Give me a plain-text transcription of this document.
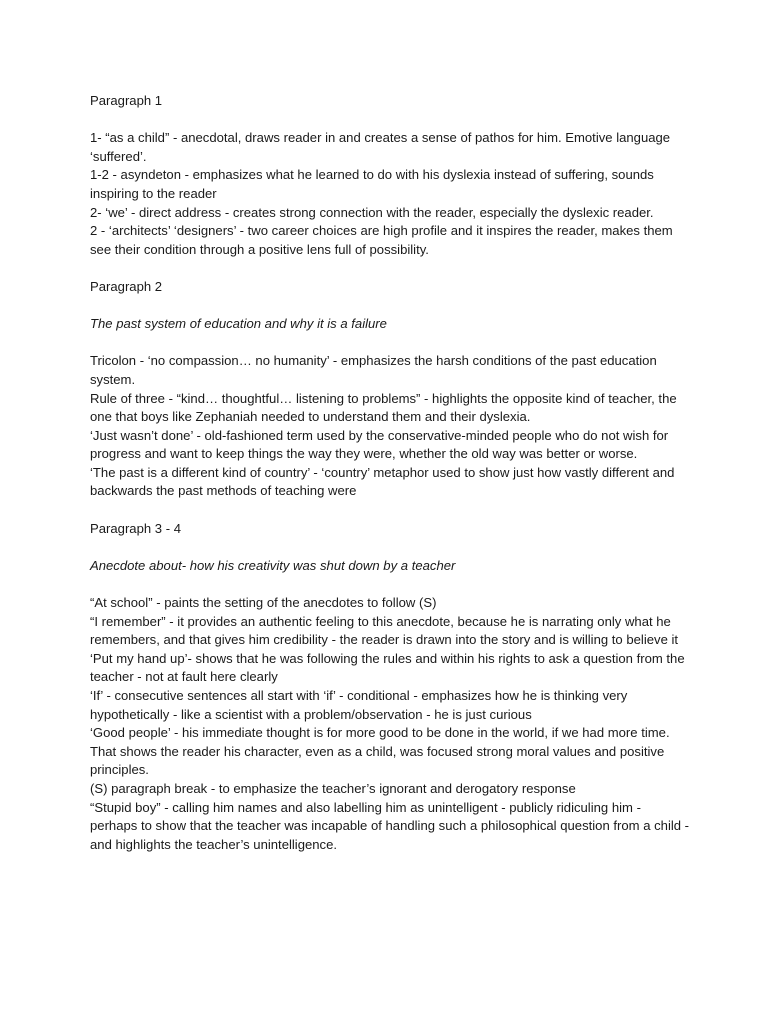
Paragraph 1

1- “as a child” - anecdotal, draws reader in and creates a sense of pathos for him. Emotive language ‘suffered’.

1-2 - asyndeton - emphasizes what he learned to do with his dyslexia instead of suffering, sounds inspiring to the reader

2- ‘we’ - direct address - creates strong connection with the reader, especially the dyslexic reader.

2 - ‘architects’ ‘designers’ - two career choices are high profile and it inspires the reader, makes them see their condition through a positive lens full of possibility.

Paragraph 2

The past system of education and why it is a failure

Tricolon - ‘no compassion… no humanity’ - emphasizes the harsh conditions of the past education system.

Rule of three - “kind… thoughtful… listening to problems” - highlights the opposite kind of teacher, the one that boys like Zephaniah needed to understand them and their dyslexia.

‘Just wasn’t done’ - old-fashioned term used by the conservative-minded people who do not wish for progress and want to keep things the way they were, whether the old way was better or worse.

‘The past is a different kind of country’ - ‘country’ metaphor used to show just how vastly different and backwards the past methods of teaching were

Paragraph 3 - 4

Anecdote about- how his creativity was shut down by a teacher

“At school” - paints the setting of the anecdotes to follow (S)

“I remember” - it provides an authentic feeling to this anecdote, because he is narrating only what he remembers, and that gives him credibility - the reader is drawn into the story and is willing to believe it

‘Put my hand up’- shows that he was following the rules and within his rights to ask a question from the teacher - not at fault here clearly

‘If’ - consecutive sentences all start with ‘if’ - conditional - emphasizes how he is thinking very hypothetically - like a scientist with a problem/observation - he is just curious

‘Good people’ - his immediate thought is for more good to be done in the world, if we had more time. That shows the reader his character, even as a child, was focused strong moral values and positive principles.

(S) paragraph break - to emphasize the teacher’s ignorant and derogatory response

“Stupid boy” - calling him names and also labelling him as unintelligent - publicly ridiculing him - perhaps to show that the teacher was incapable of handling such a philosophical question from a child - and highlights the teacher’s unintelligence.
